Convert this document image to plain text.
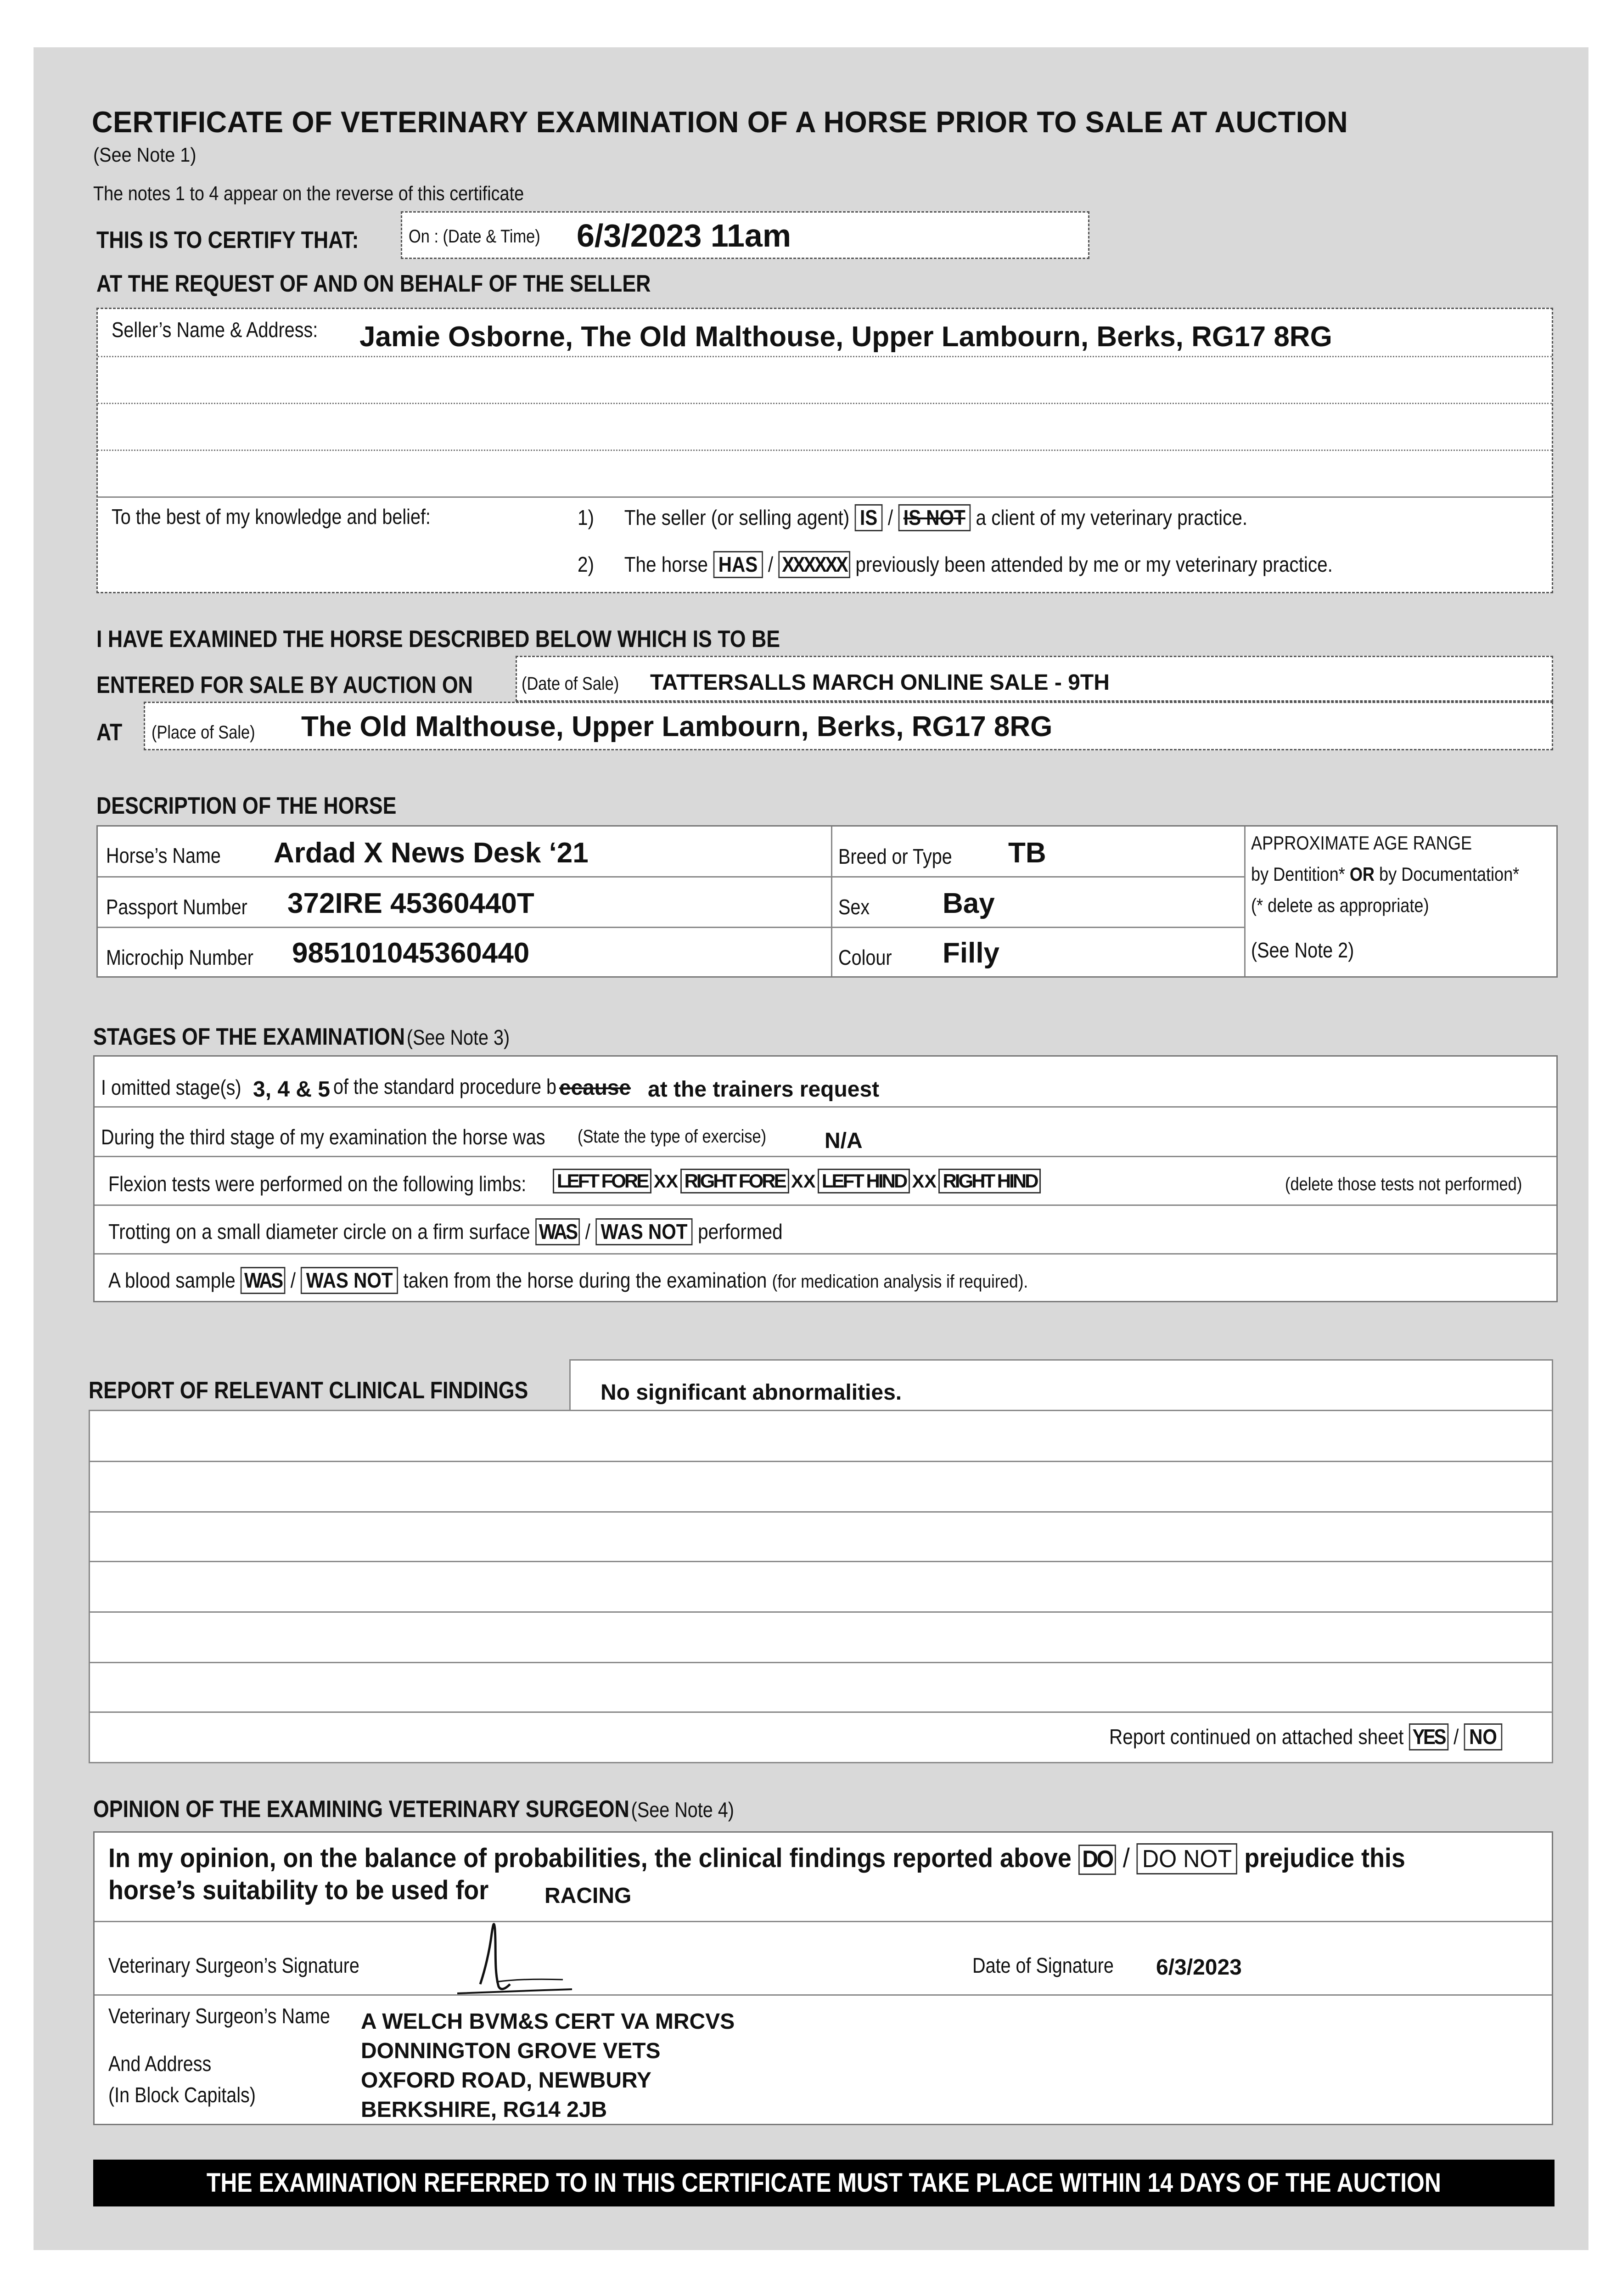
CERTIFICATE OF VETERINARY EXAMINATION OF A HORSE PRIOR TO SALE AT AUCTION
(See Note 1)
The notes 1 to 4 appear on the reverse of this certificate
THIS IS TO CERTIFY THAT:	On : (Date & Time) 6/3/2023 11am
AT THE REQUEST OF AND ON BEHALF OF THE SELLER
Seller’s Name & Address: Jamie Osborne, The Old Malthouse, Upper Lambourn, Berks, RG17 8RG
To the best of my knowledge and belief:	1) The seller (or selling agent) IS / IS NOT a client of my veterinary practice.
2) The horse HAS / XXXXXX previously been attended by me or my veterinary practice.
I HAVE EXAMINED THE HORSE DESCRIBED BELOW WHICH IS TO BE
ENTERED FOR SALE BY AUCTION ON	(Date of Sale) TATTERSALLS MARCH ONLINE SALE - 9TH
AT (Place of Sale) The Old Malthouse, Upper Lambourn, Berks, RG17 8RG
DESCRIPTION OF THE HORSE
Horse’s Name Ardad X News Desk ‘21
Passport Number 372IRE 45360440T
Microchip Number 985101045360440
Breed or Type TB
Sex	Bay
Colour Filly
APPROXIMATE AGE RANGE
by Dentition* OR by Documentation*
(* delete as appropriate)
(See Note 2)
STAGES OF THE EXAMINATION (See Note 3)
I omitted stage(s) 3, 4 & 5 of the standard procedure b ecause at the trainers request
During the third stage of my examination the horse was (State the type of exercise)	N/A
Flexion tests were performed on the following limbs: LEFT FORE XX RIGHT FORE XX LEFT HIND XX RIGHT HIND	(delete those tests not performed)
Trotting on a small diameter circle on a firm surface WAS / WAS NOT performed
A blood sample WAS / WAS NOT taken from the horse during the examination (for medication analysis if required).
REPORT OF RELEVANT CLINICAL FINDINGS	No significant abnormalities.
Report continued on attached sheet YES / NO
OPINION OF THE EXAMINING VETERINARY SURGEON (See Note 4)
In my opinion, on the balance of probabilities, the clinical findings reported above DO / DO NOT prejudice this
horse’s suitability to be used for	RACING
Veterinary Surgeon’s Signature	Date of Signature 6/3/2023
Veterinary Surgeon’s Name
And Address
(In Block Capitals)
A WELCH BVM&S CERT VA MRCVS
DONNINGTON GROVE VETS
OXFORD ROAD, NEWBURY
BERKSHIRE, RG14 2JB
THE EXAMINATION REFERRED TO IN THIS CERTIFICATE MUST TAKE PLACE WITHIN 14 DAYS OF THE AUCTION
